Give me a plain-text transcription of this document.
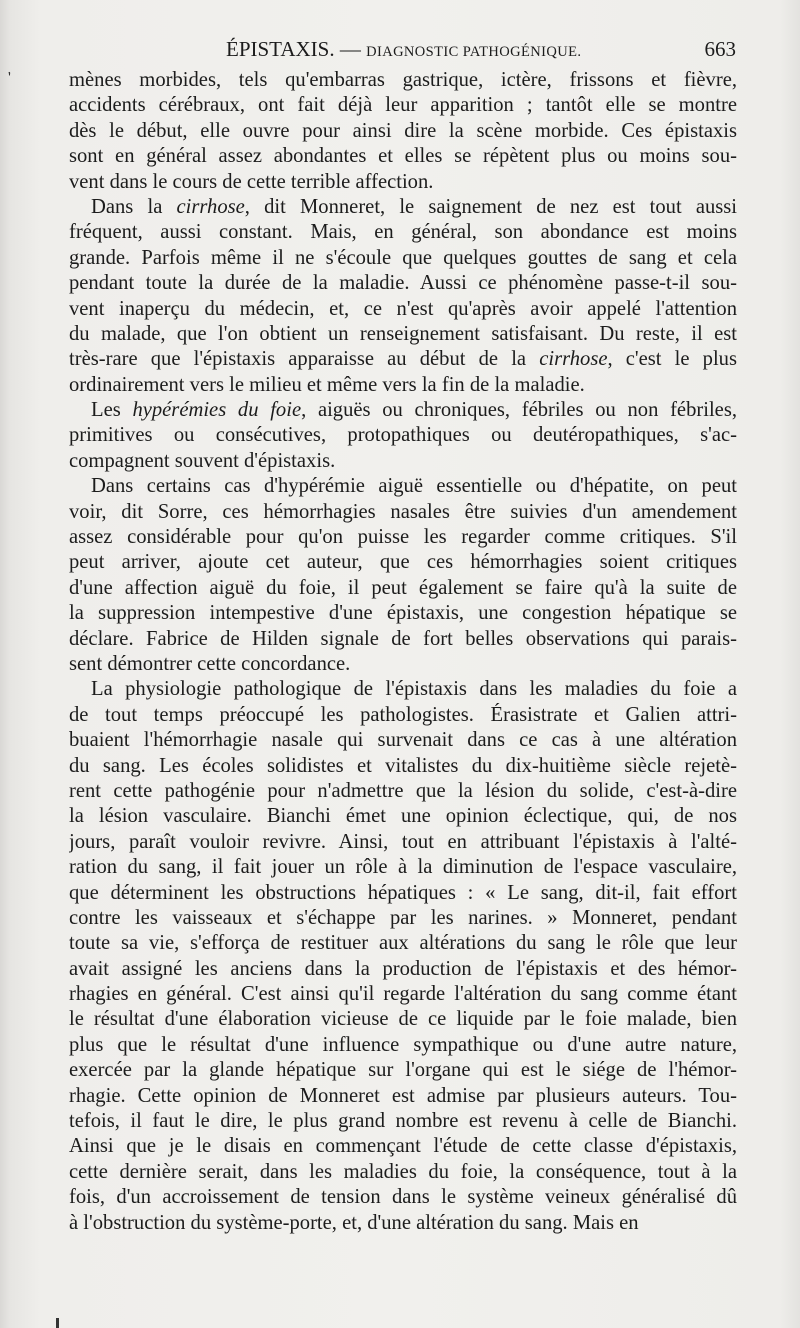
,
ÉPISTAXIS. — DIAGNOSTIC PATHOGÉNIQUE.	663

mènes morbides, tels qu'embarras gastrique, ictère, frissons et fièvre,
accidents cérébraux, ont fait déjà leur apparition ; tantôt elle se montre
dès le début, elle ouvre pour ainsi dire la scène morbide. Ces épistaxis
sont en général assez abondantes et elles se répètent plus ou moins sou-
vent dans le cours de cette terrible affection.

Dans la cirrhose, dit Monneret, le saignement de nez est tout aussi
fréquent, aussi constant. Mais, en général, son abondance est moins
grande. Parfois même il ne s'écoule que quelques gouttes de sang et cela
pendant toute la durée de la maladie. Aussi ce phénomène passe-t-il sou-
vent inaperçu du médecin, et, ce n'est qu'après avoir appelé l'attention
du malade, que l'on obtient un renseignement satisfaisant. Du reste, il est
très-rare que l'épistaxis apparaisse au début de la cirrhose, c'est le plus
ordinairement vers le milieu et même vers la fin de la maladie.

Les hypérémies du foie, aiguës ou chroniques, fébriles ou non fébriles,
primitives ou consécutives, protopathiques ou deutéropathiques, s'ac-
compagnent souvent d'épistaxis.

Dans certains cas d'hypérémie aiguë essentielle ou d'hépatite, on peut
voir, dit Sorre, ces hémorrhagies nasales être suivies d'un amendement
assez considérable pour qu'on puisse les regarder comme critiques. S'il
peut arriver, ajoute cet auteur, que ces hémorrhagies soient critiques
d'une affection aiguë du foie, il peut également se faire qu'à la suite de
la suppression intempestive d'une épistaxis, une congestion hépatique se
déclare. Fabrice de Hilden signale de fort belles observations qui parais-
sent démontrer cette concordance.

La physiologie pathologique de l'épistaxis dans les maladies du foie a
de tout temps préoccupé les pathologistes. Érasistrate et Galien attri-
buaient l'hémorrhagie nasale qui survenait dans ce cas à une altération
du sang. Les écoles solidistes et vitalistes du dix-huitième siècle rejetè-
rent cette pathogénie pour n'admettre que la lésion du solide, c'est-à-dire
la lésion vasculaire. Bianchi émet une opinion éclectique, qui, de nos
jours, paraît vouloir revivre. Ainsi, tout en attribuant l'épistaxis à l'alté-
ration du sang, il fait jouer un rôle à la diminution de l'espace vasculaire,
que déterminent les obstructions hépatiques : « Le sang, dit-il, fait effort
contre les vaisseaux et s'échappe par les narines. » Monneret, pendant
toute sa vie, s'efforça de restituer aux altérations du sang le rôle que leur
avait assigné les anciens dans la production de l'épistaxis et des hémor-
rhagies en général. C'est ainsi qu'il regarde l'altération du sang comme étant
le résultat d'une élaboration vicieuse de ce liquide par le foie malade, bien
plus que le résultat d'une influence sympathique ou d'une autre nature,
exercée par la glande hépatique sur l'organe qui est le siége de l'hémor-
rhagie. Cette opinion de Monneret est admise par plusieurs auteurs. Tou-
tefois, il faut le dire, le plus grand nombre est revenu à celle de Bianchi.
Ainsi que je le disais en commençant l'étude de cette classe d'épistaxis,
cette dernière serait, dans les maladies du foie, la conséquence, tout à la
fois, d'un accroissement de tension dans le système veineux généralisé dû
à l'obstruction du système-porte, et, d'une altération du sang. Mais en
